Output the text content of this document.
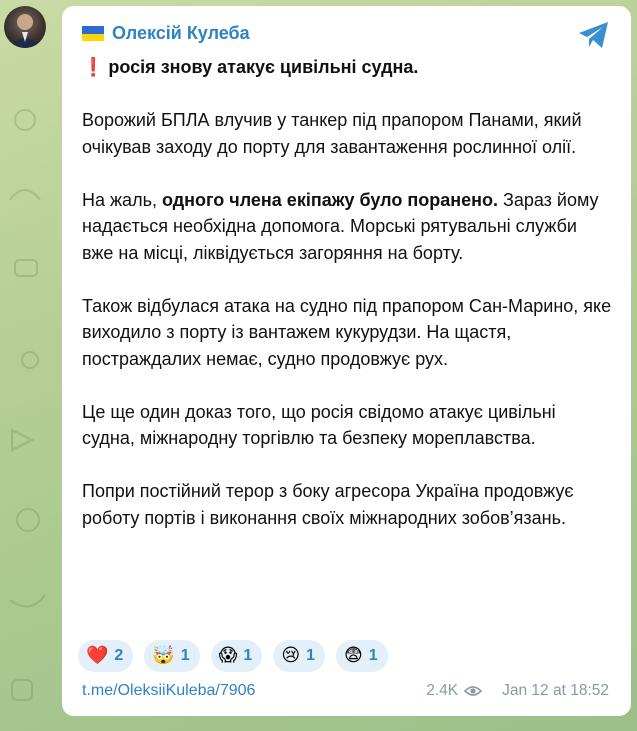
Олексій Кулеба

❗ росія знову атакує цивільні судна.

Ворожий БПЛА влучив у танкер під прапором Панами, який очікував заходу до порту для завантаження рослинної олії.

На жаль, одного члена екіпажу було поранено. Зараз йому надається необхідна допомога. Морські рятувальні служби вже на місці, ліквідується загоряння на борту.

Також відбулася атака на судно під прапором Сан-Марино, яке виходило з порту із вантажем кукурудзи. На щастя, постраждалих немає, судно продовжує рух.

Це ще один доказ того, що росія свідомо атакує цивільні судна, міжнародну торгівлю та безпеку мореплавства.

Попри постійний терор з боку агресора Україна продовжує роботу портів і виконання своїх міжнародних зобов’язань.

❤️ 2 🤯 1 😱 1 😢 1 😨 1
t.me/OleksiiKuleba/7906	2.4K	Jan 12 at 18:52
